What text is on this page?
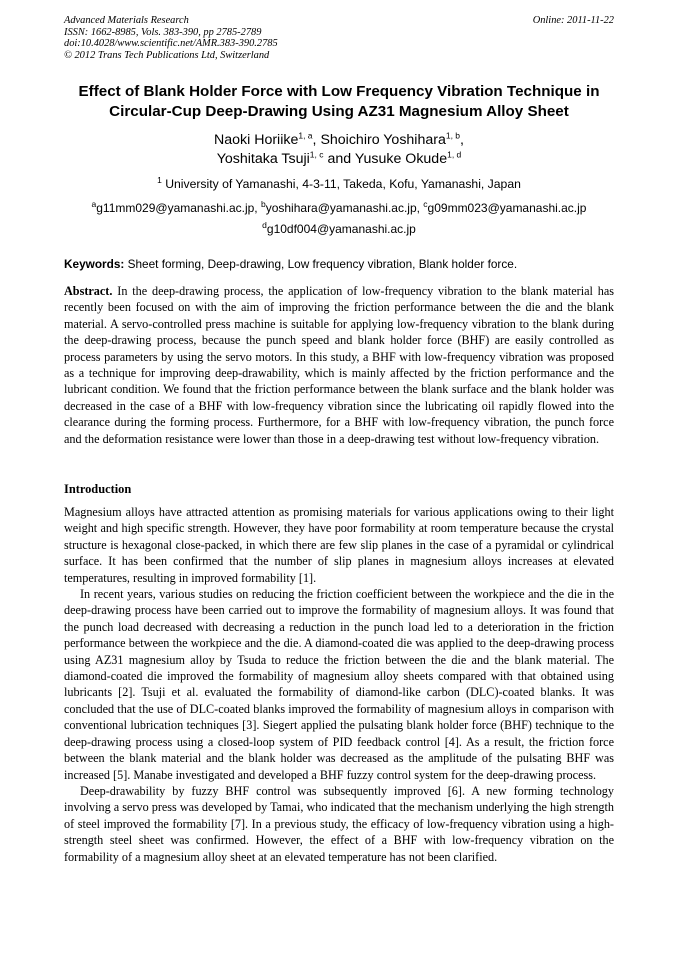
Advanced Materials Research
ISSN: 1662-8985, Vols. 383-390, pp 2785-2789
doi:10.4028/www.scientific.net/AMR.383-390.2785
© 2012 Trans Tech Publications Ltd, Switzerland
Online: 2011-11-22
Effect of Blank Holder Force with Low Frequency Vibration Technique in
Circular-Cup Deep-Drawing Using AZ31 Magnesium Alloy Sheet
Naoki Horiike$^{1, a}$, Shoichiro Yoshihara$^{1, b}$,
Yoshitaka Tsuji$^{1, c}$ and Yusuke Okude$^{1, d}$
$^1$ University of Yamanashi, 4-3-11, Takeda, Kofu, Yamanashi, Japan
$^a$g11mm029@yamanashi.ac.jp, $^b$yoshihara@yamanashi.ac.jp, $^c$g09mm023@yamanashi.ac.jp
$^d$g10df004@yamanashi.ac.jp
Keywords: Sheet forming, Deep-drawing, Low frequency vibration, Blank holder force.

Abstract. In the deep-drawing process, the application of low-frequency vibration to the blank material has recently been focused on with the aim of improving the friction performance between the die and the blank material. A servo-controlled press machine is suitable for applying low-frequency vibration to the blank during the deep-drawing process, because the punch speed and blank holder force (BHF) are easily controlled as process parameters by using the servo motors. In this study, a BHF with low-frequency vibration was proposed as a technique for improving deep-drawability, which is mainly affected by the friction performance and the lubricant condition. We found that the friction performance between the blank surface and the blank holder was decreased in the case of a BHF with low-frequency vibration since the lubricating oil rapidly flowed into the clearance during the forming process. Furthermore, for a BHF with low-frequency vibration, the punch force and the deformation resistance were lower than those in a deep-drawing test without low-frequency vibration.

Introduction

Magnesium alloys have attracted attention as promising materials for various applications owing to their light weight and high specific strength. However, they have poor formability at room temperature because the crystal structure is hexagonal close-packed, in which there are few slip planes in the case of a pyramidal or cylindrical surface. It has been confirmed that the number of slip planes in magnesium alloys increases at elevated temperatures, resulting in improved formability [1].

In recent years, various studies on reducing the friction coefficient between the workpiece and the die in the deep-drawing process have been carried out to improve the formability of magnesium alloys. It was found that the punch load decreased with decreasing a reduction in the punch load led to a deterioration in the friction performance between the workpiece and the die. A diamond-coated die was applied to the deep-drawing process using AZ31 magnesium alloy by Tsuda to reduce the friction between the die and the blank material. The diamond-coated die improved the formability of magnesium alloy sheets compared with that obtained using lubricants [2]. Tsuji et al. evaluated the formability of diamond-like carbon (DLC)-coated blanks. It was concluded that the use of DLC-coated blanks improved the formability of magnesium alloys in comparison with conventional lubrication techniques [3]. Siegert applied the pulsating blank holder force (BHF) technique to the deep-drawing process using a closed-loop system of PID feedback control [4]. As a result, the friction force between the blank material and the blank holder was decreased as the amplitude of the pulsating BHF was increased [5]. Manabe investigated and developed a BHF fuzzy control system for the deep-drawing process.

Deep-drawability by fuzzy BHF control was subsequently improved [6]. A new forming technology involving a servo press was developed by Tamai, who indicated that the mechanism underlying the high strength of steel improved the formability [7]. In a previous study, the efficacy of low-frequency vibration using a high-strength steel sheet was confirmed. However, the effect of a BHF with low-frequency vibration on the formability of a magnesium alloy sheet at an elevated temperature has not been clarified.
